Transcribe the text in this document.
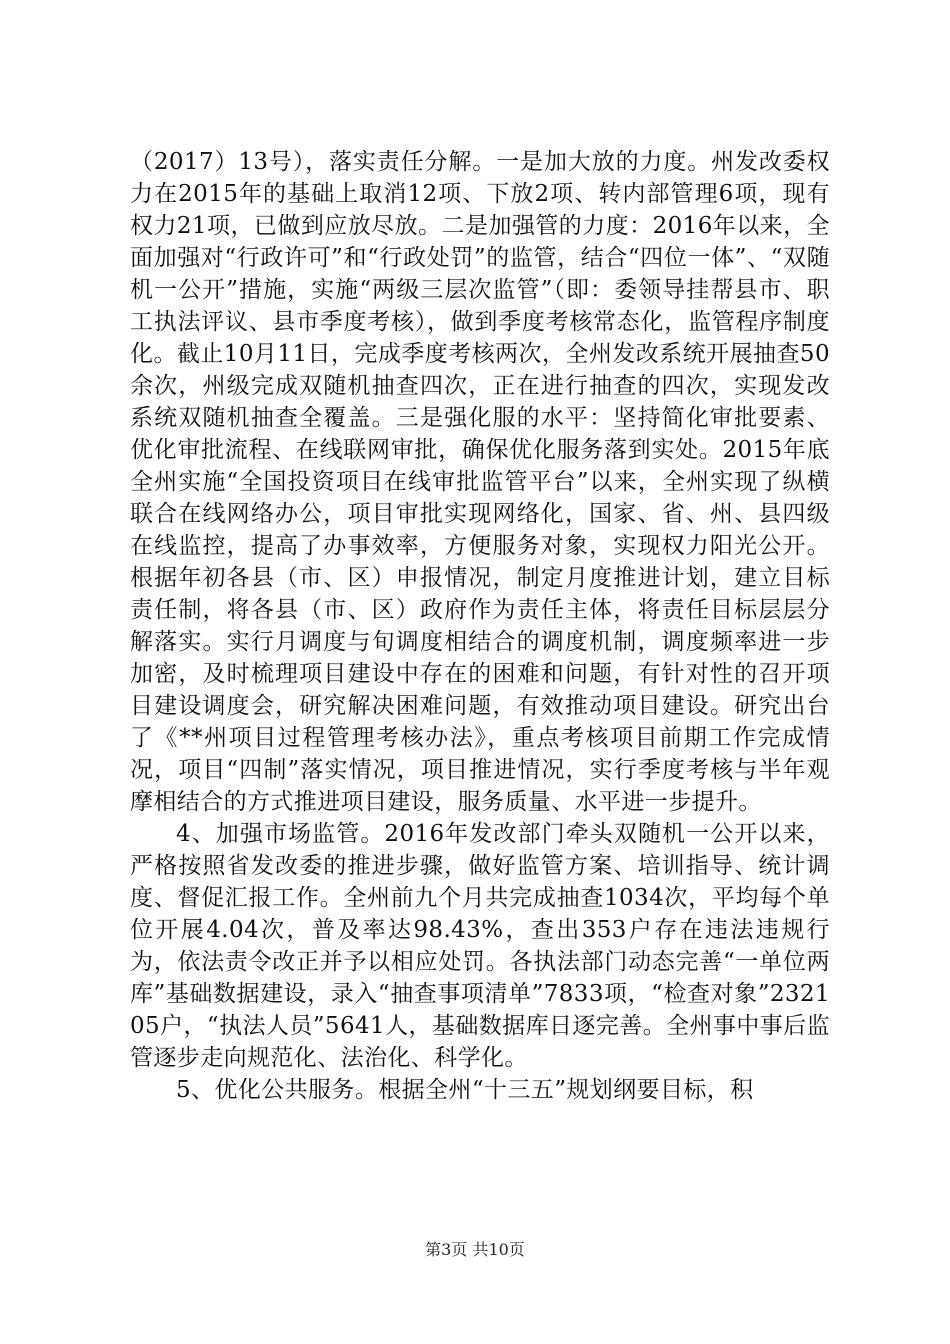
（2017）13号），落实责任分解。一是加大放的力度。州发改委权力在2015年的基础上取消12项、下放2项、转内部管理6项，现有权力21项，已做到应放尽放。二是加强管的力度：2016年以来，全面加强对“行政许可”和“行政处罚”的监管，结合“四位一体”、“双随机一公开”措施，实施“两级三层次监管”（即：委领导挂帮县市、职工执法评议、县市季度考核），做到季度考核常态化，监管程序制度化。截止10月11日，完成季度考核两次，全州发改系统开展抽查50余次，州级完成双随机抽查四次，正在进行抽查的四次，实现发改系统双随机抽查全覆盖。三是强化服的水平：坚持简化审批要素、优化审批流程、在线联网审批，确保优化服务落到实处。2015年底全州实施“全国投资项目在线审批监管平台”以来，全州实现了纵横联合在线网络办公，项目审批实现网络化，国家、省、州、县四级在线监控，提高了办事效率，方便服务对象，实现权力阳光公开。根据年初各县（市、区）申报情况，制定月度推进计划，建立目标责任制，将各县（市、区）政府作为责任主体，将责任目标层层分解落实。实行月调度与旬调度相结合的调度机制，调度频率进一步加密，及时梳理项目建设中存在的困难和问题，有针对性的召开项目建设调度会，研究解决困难问题，有效推动项目建设。研究出台了《**州项目过程管理考核办法》，重点考核项目前期工作完成情况，项目“四制”落实情况，项目推进情况，实行季度考核与半年观摩相结合的方式推进项目建设，服务质量、水平进一步提升。

4、加强市场监管。2016年发改部门牵头双随机一公开以来，严格按照省发改委的推进步骤，做好监管方案、培训指导、统计调度、督促汇报工作。全州前九个月共完成抽查1034次，平均每个单位开展4.04次，普及率达98.43%，查出353户存在违法违规行为，依法责令改正并予以相应处罚。各执法部门动态完善“一单位两库”基础数据建设，录入“抽查事项清单”7833项，“检查对象”232105户，“执法人员”5641人，基础数据库日逐完善。全州事中事后监管逐步走向规范化、法治化、科学化。

5、优化公共服务。根据全州“十三五”规划纲要目标，积

第3页 共10页
